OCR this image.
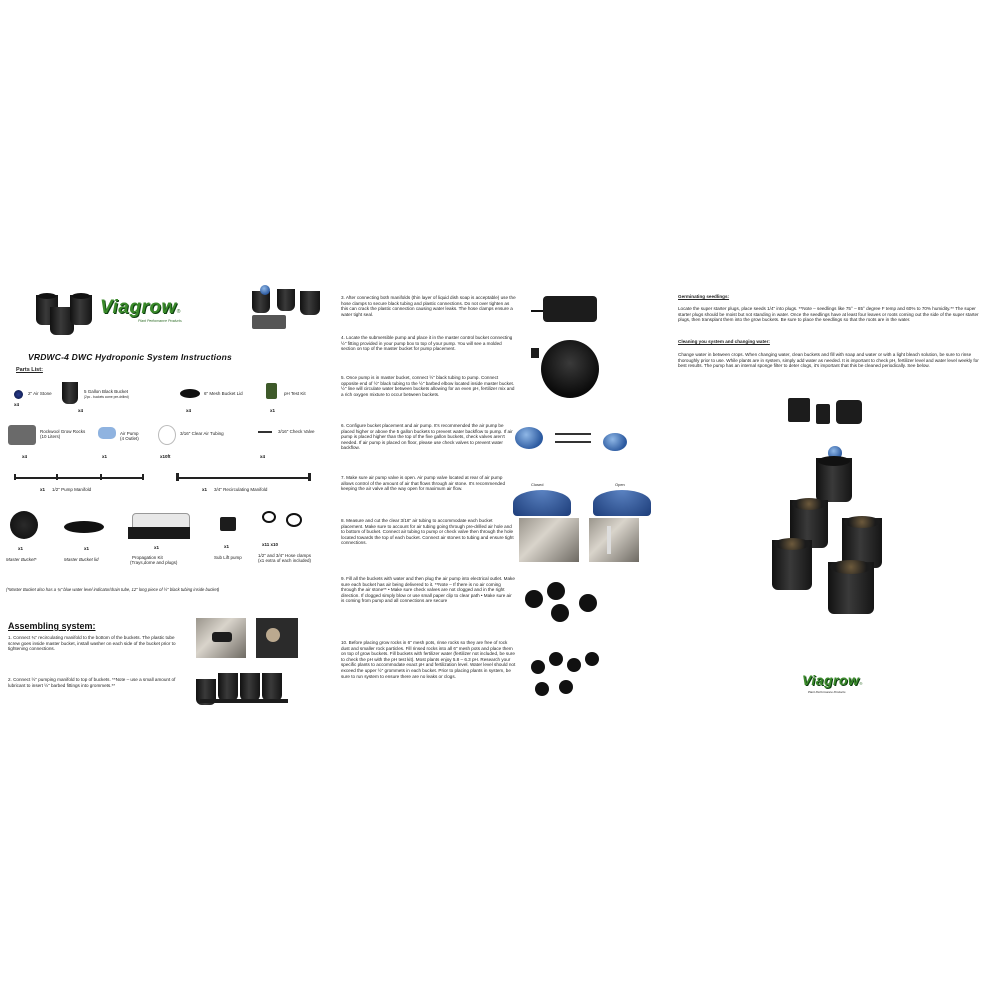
Viagrow®
Plant Performance Products
VRDWC-4 DWC Hydroponic System Instructions
Parts List:
2" Air Stone
x4
5 Gallon Black Bucket
(2pc - buckets come pre-drilled)
x4
6" Mesh Bucket Lid
x4
pH Test Kit
x1
Rockwool Grow Rocks
(10 Liters)
x4
Air Pump
(4 Outlet)
x1
3/16" Clear Air Tubing
x10ft
3/16" Check Valve
x4
x1 1/2" Pump Manifold	x1 3/4" Recirculating Manifold
x1
Master Bucket*
x1
Master Bucket lid
x1
Propagation Kit
(Trays,dome and plugs)
x1
Sub Lift pump
x11 x10
1/2" and 3/4" Hose clamps
(x1 extra of each included)
(*Master Bucket also has a ¾" blue water level indicator/drain tube, 12" long piece of ½" black tubing inside bucket)
Assembling system:
1. Connect ¾" recirculating manifold to the bottom of the buckets. The plastic tube screw goes inside master bucket, install washer on each side of the bucket prior to tightening connections.
2. Connect ½" pumping manifold to top of buckets. **Note – use a small amount of lubricant to insert ½" barbed fittings into grommets.**
3. After connecting both manifolds (thin layer of liquid dish soap is acceptable) use the hose clamps to secure black tubing and plastic connections. Do not over tighten as this can crack the plastic connection causing water leaks. The hose clamps ensure a water tight seal.
4. Locate the submersible pump and place it in the master control bucket connecting ½" fitting provided in your pump box to top of your pump. You will see a molded section on top of the master bucket for pump placement.
5. Once pump is in master bucket, connect ½" black tubing to pump. Connect opposite end of ½" black tubing to the ½" barbed elbow located inside master bucket. ½" line will circulate water between buckets allowing for an even pH, fertilizer mix and a rich oxygen mixture to occur between buckets.
6. Configure bucket placement and air pump. It's recommended the air pump be placed higher or above the 5 gallon buckets to prevent water backflow to pump. If air pump is placed higher than the top of the five gallon buckets, check valves aren't needed. If air pump is placed on floor, please use check valves to prevent water backflow.
7. Make sure air pump valve is open. Air pump valve located at rear of air pump allows control of the amount of air that flows through air stone. It's recommended keeping the air valve all the way open for maximum air flow.
8. Measure and cut the clear 3/16" air tubing to accommodate each bucket placement. Make sure to account for air tubing going through pre-drilled air hole and to bottom of bucket. Connect air tubing to pump or check valve then through the hole located towards the top of each bucket. Connect air stones to tubing and ensure tight connections.
9. Fill all the buckets with water and then plug the air pump into electrical outlet. Make sure each bucket has air being delivered to it. **Note – If there is no air coming through the air stone** • Make sure check valves are not clogged and in the right direction. If clogged simply blow or use small paper clip to clear path • Make sure air is coming from pump and all connections are secure
10. Before placing grow rocks in 6" mesh pots, rinse rocks so they are free of rock dust and smaller rock particles. Fill rinsed rocks into all 6" mesh pots and place them on top of grow buckets. Fill buckets with fertilizer water (fertilizer not included, be sure to check the pH with the pH test kit). Most plants enjoy 5.8 – 6.3 pH. Research your specific plants to accommodate exact pH and fertilization level. Water level should not exceed the upper ½" grommets in each bucket. Prior to placing plants in system, be sure to run system to ensure there are no leaks or clogs.
Closed	Open
Germinating seedlings:
Locate the super starter plugs, place seeds 1/4" into plugs. **Note – seedlings like 75° – 85° degree F temp and 60% to 70% humidity.** The super starter plugs should be moist but not standing in water. Once the seedlings have at least four leaves or roots coming out the side of the super starter plugs, then transplant them into the grow buckets. Be sure to place the seedlings so that the roots are in the water.
Cleaning you system and changing water:
Change water in between crops. When changing water, clean buckets and fill with soap and water or with a light bleach solution, be sure to rinse thoroughly prior to use. While plants are in system, simply add water as needed. It is important to check pH, fertilizer level and water level weekly for best results. The pump has an internal sponge filter to deter clogs, it's important that this be cleaned periodically. See below.
Viagrow®
Plant Performance Products
